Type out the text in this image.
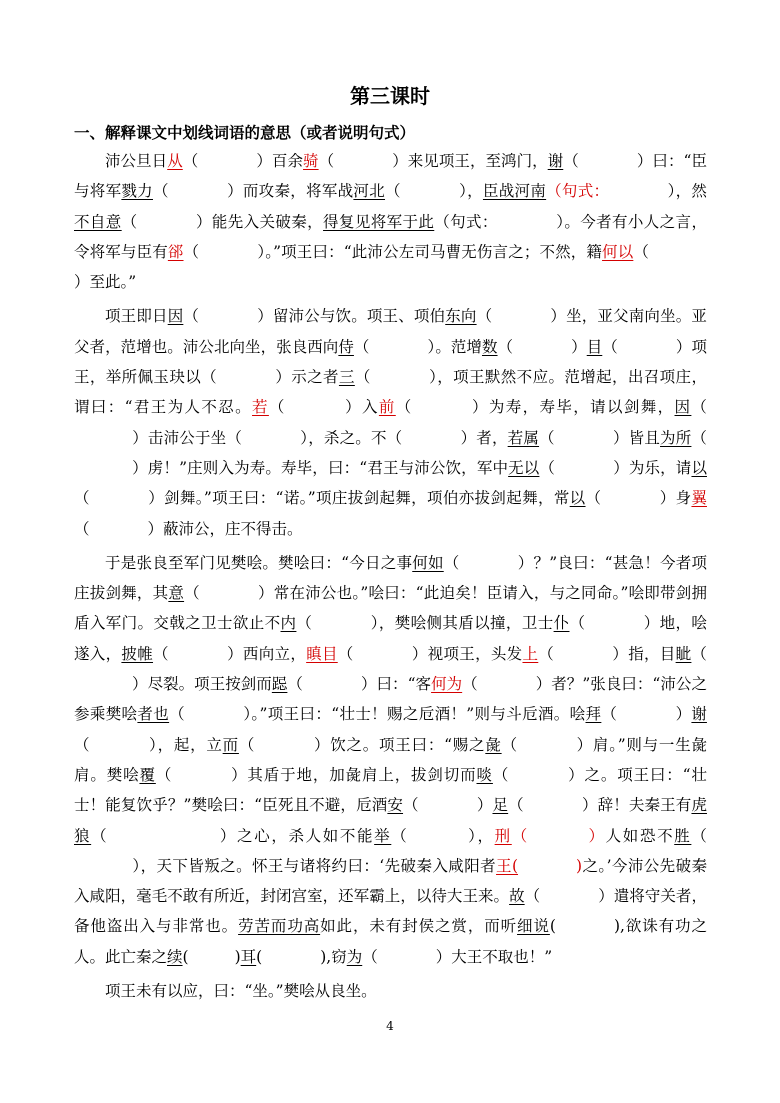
第三课时
一、解释课文中划线词语的意思（或者说明句式）

沛公旦日从（	）百余骑（	）来见项王，至鸿门，谢（	）曰：“臣与将军戮力（	）而攻秦，将军战河北（	），臣战河南（句式：	），然不自意（	）能先入关破秦，得复见将军于此（句式：	）。今者有小人之言，令将军与臣有郤（	）。”项王曰：“此沛公左司马曹无伤言之；不然，籍何以（）至此。”

项王即日因（	）留沛公与饮。项王、项伯东向（	）坐，亚父南向坐。亚父者，范增也。沛公北向坐，张良西向侍（	）。范增数（	）目（	）项王，举所佩玉玦以（	）示之者三（	），项王默然不应。范增起，出召项庄，谓曰：“君王为人不忍。若（	）入前（	）为寿，寿毕，请以剑舞，因（）击沛公于坐（	），杀之。不（	）者，若属（	）皆且为所（）虏！”庄则入为寿。寿毕，曰：“君王与沛公饮，军中无以（	）为乐，请以（	）剑舞。”项王曰：“诺。”项庄拔剑起舞，项伯亦拔剑起舞，常以（	）身翼（	）蔽沛公，庄不得击。

于是张良至军门见樊哙。樊哙曰：“今日之事何如（	）？”良曰：“甚急！今者项庄拔剑舞，其意（	）常在沛公也。”哙曰：“此迫矣！臣请入，与之同命。”哙即带剑拥盾入军门。交戟之卫士欲止不内（	），樊哙侧其盾以撞，卫士仆（	）地，哙遂入，披帷（	）西向立，瞋目（	）视项王，头发上（	）指，目眦（）尽裂。项王按剑而跽（	）曰：“客何为（	）者？”张良曰：“沛公之参乘樊哙者也（	）。”项王曰：“壮士！赐之卮酒！”则与斗卮酒。哙拜（	）谢（	），起，立而（	）饮之。项王曰：“赐之彘（	）肩。”则与一生彘肩。樊哙覆（	）其盾于地，加彘肩上，拔剑切而啖（	）之。项王曰：“壮士！能复饮乎？”樊哙曰：“臣死且不避，卮酒安（	）足（	）辞！夫秦王有虎狼（	）之心，杀人如不能举（	），刑（	）人如恐不胜（），天下皆叛之。怀王与诸将约曰：‘先破秦入咸阳者王(	)之。’今沛公先破秦入咸阳，毫毛不敢有所近，封闭宫室，还军霸上，以待大王来。故（	）遣将守关者，备他盗出入与非常也。劳苦而功高如此，未有封侯之赏，而听细说(	),欲诛有功之人。此亡秦之续(	)耳(	),窃为（	）大王不取也！”

项王未有以应，曰：“坐。”樊哙从良坐。

4
